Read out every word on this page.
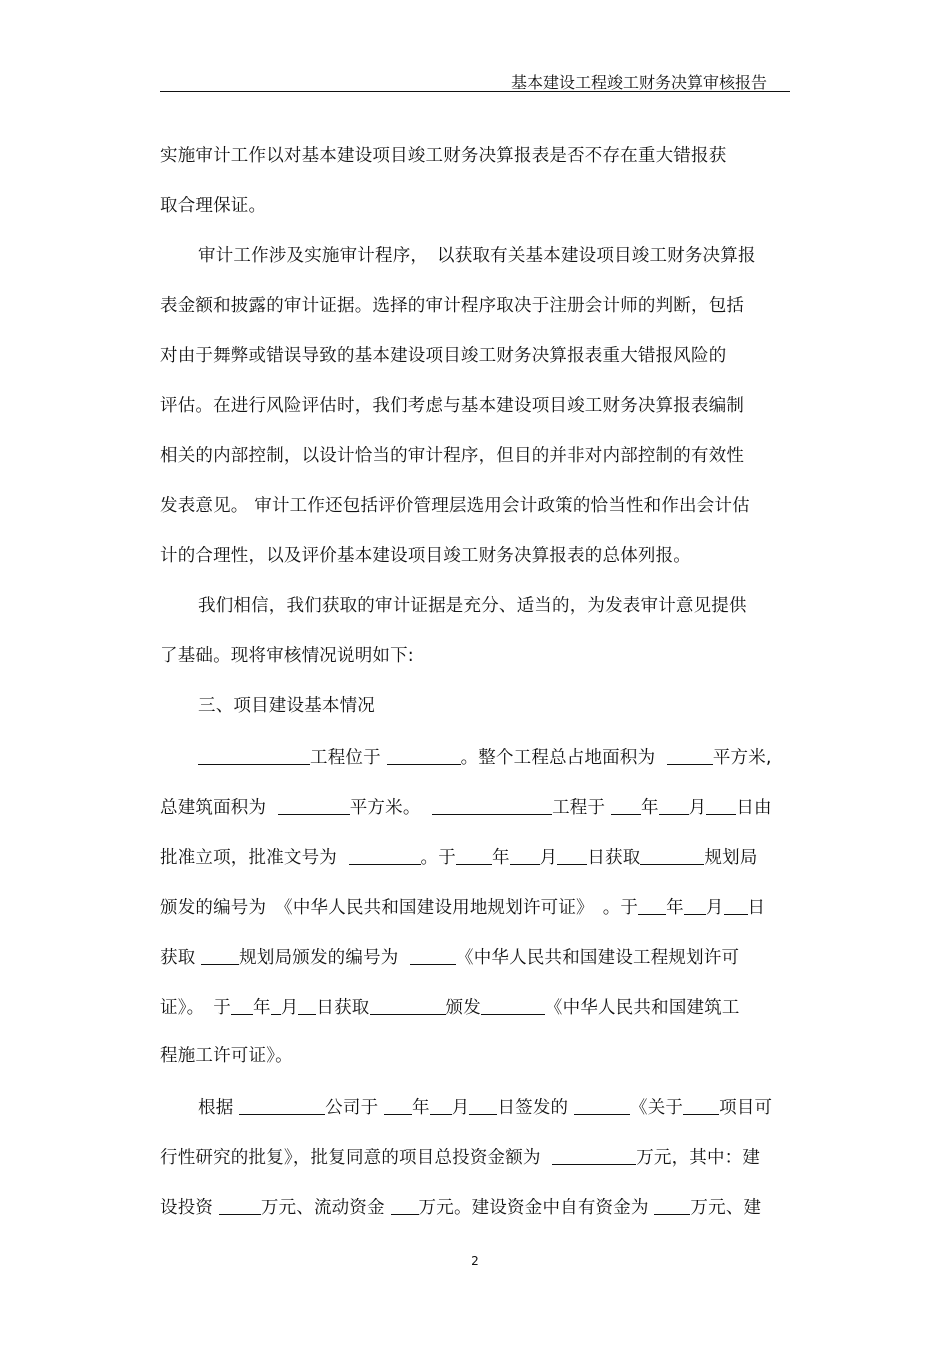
基本建设工程竣工财务决算审核报告
实施审计工作以对基本建设项目竣工财务决算报表是否不存在重大错报获
取合理保证。
审计工作涉及实施审计程序，　以获取有关基本建设项目竣工财务决算报
表金额和披露的审计证据。选择的审计程序取决于注册会计师的判断，包括
对由于舞弊或错误导致的基本建设项目竣工财务决算报表重大错报风险的
评估。在进行风险评估时，我们考虑与基本建设项目竣工财务决算报表编制
相关的内部控制，以设计恰当的审计程序，但目的并非对内部控制的有效性
发表意见。 审计工作还包括评价管理层选用会计政策的恰当性和作出会计估
计的合理性，以及评价基本建设项目竣工财务决算报表的总体列报。
我们相信，我们获取的审计证据是充分、适当的，为发表审计意见提供
了基础。现将审核情况说明如下:
三、项目建设基本情况
工程位于	。整个工程总占地面积为	平方米,
总建筑面积为	平方米。	工程于 年 月 日由
批准立项，批准文号为	。于 年 月 日获取	规划局
颁发的编号为　《中华人民共和国建设用地规划许可证》　。于 年 月 日
获取	规划局颁发的编号为	《中华人民共和国建设工程规划许可
证》。　于 年 月 日获取	颁发	《中华人民共和国建筑工
程施工许可证》。
根据	公司于 年 月 日签发的	《关于 项目可
行性研究的批复》，批复同意的项目总投资金额为	万元，其中：建
设投资	万元、流动资金 万元。建设资金中自有资金为 万元、建
2
